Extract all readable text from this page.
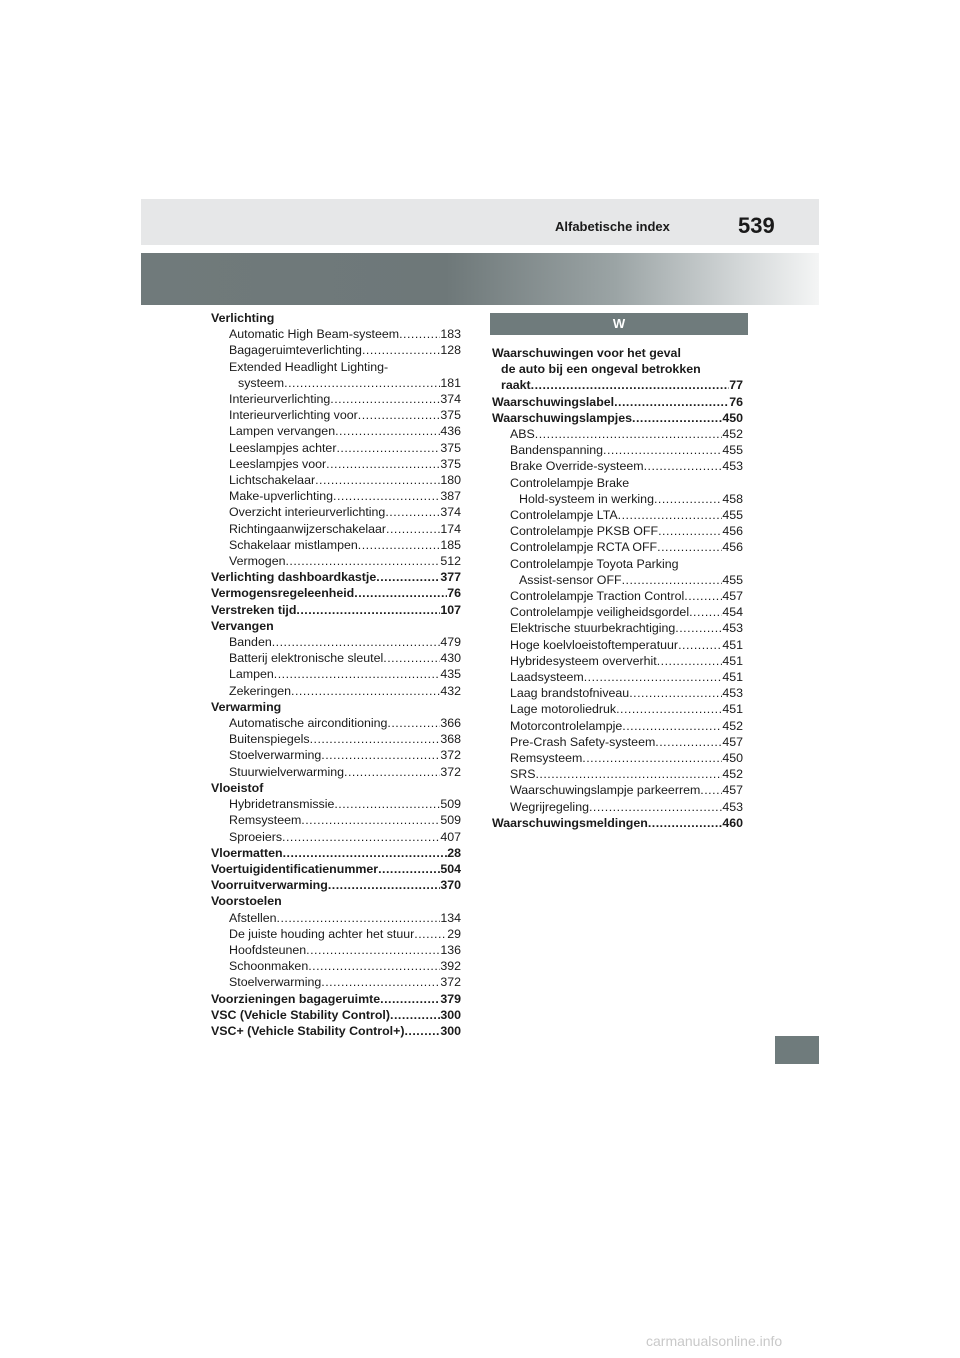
Alfabetische index	539
Verlichting
Automatic High Beam-systeem .....	183
Bagageruimteverlichting .....	128
Extended Headlight Lighting-
systeem .....	181
Interieurverlichting .....	374
Interieurverlichting voor .....	375
Lampen vervangen .....	436
Leeslampjes achter .....	375
Leeslampjes voor .....	375
Lichtschakelaar .....	180
Make-upverlichting .....	387
Overzicht interieurverlichting .....	374
Richtingaanwijzerschakelaar .....	174
Schakelaar mistlampen .....	185
Vermogen .....	512
Verlichting dashboardkastje .....	377
Vermogensregeleenheid .....	76
Verstreken tijd .....	107
Vervangen
Banden .....	479
Batterij elektronische sleutel .....	430
Lampen .....	435
Zekeringen .....	432
Verwarming
Automatische airconditioning .....	366
Buitenspiegels .....	368
Stoelverwarming .....	372
Stuurwielverwarming .....	372
Vloeistof
Hybridetransmissie .....	509
Remsysteem .....	509
Sproeiers .....	407
Vloermatten .....	28
Voertuigidentificatienummer .....	504
Voorruitverwarming .....	370
Voorstoelen
Afstellen .....	134
De juiste houding achter het stuur .....	29
Hoofdsteunen .....	136
Schoonmaken .....	392
Stoelverwarming .....	372
Voorzieningen bagageruimte .....	379
VSC (Vehicle Stability Control) .....	300
VSC+ (Vehicle Stability Control+) .....	300
W
Waarschuwingen voor het geval
de auto bij een ongeval betrokken
raakt .....	77
Waarschuwingslabel .....	76
Waarschuwingslampjes .....	450
ABS .....	452
Bandenspanning .....	455
Brake Override-systeem .....	453
Controlelampje Brake
Hold-systeem in werking .....	458
Controlelampje LTA .....	455
Controlelampje PKSB OFF .....	456
Controlelampje RCTA OFF .....	456
Controlelampje Toyota Parking
Assist-sensor OFF .....	455
Controlelampje Traction Control .....	457
Controlelampje veiligheidsgordel .....	454
Elektrische stuurbekrachtiging .....	453
Hoge koelvloeistoftemperatuur .....	451
Hybridesysteem oververhit .....	451
Laadsysteem .....	451
Laag brandstofniveau .....	453
Lage motoroliedruk .....	451
Motorcontrolelampje .....	452
Pre-Crash Safety-systeem .....	457
Remsysteem .....	450
SRS .....	452
Waarschuwingslampje parkeerrem ..... 457
Wegrijregeling .....	453
Waarschuwingsmeldingen .....	460
carmanualsonline.info
